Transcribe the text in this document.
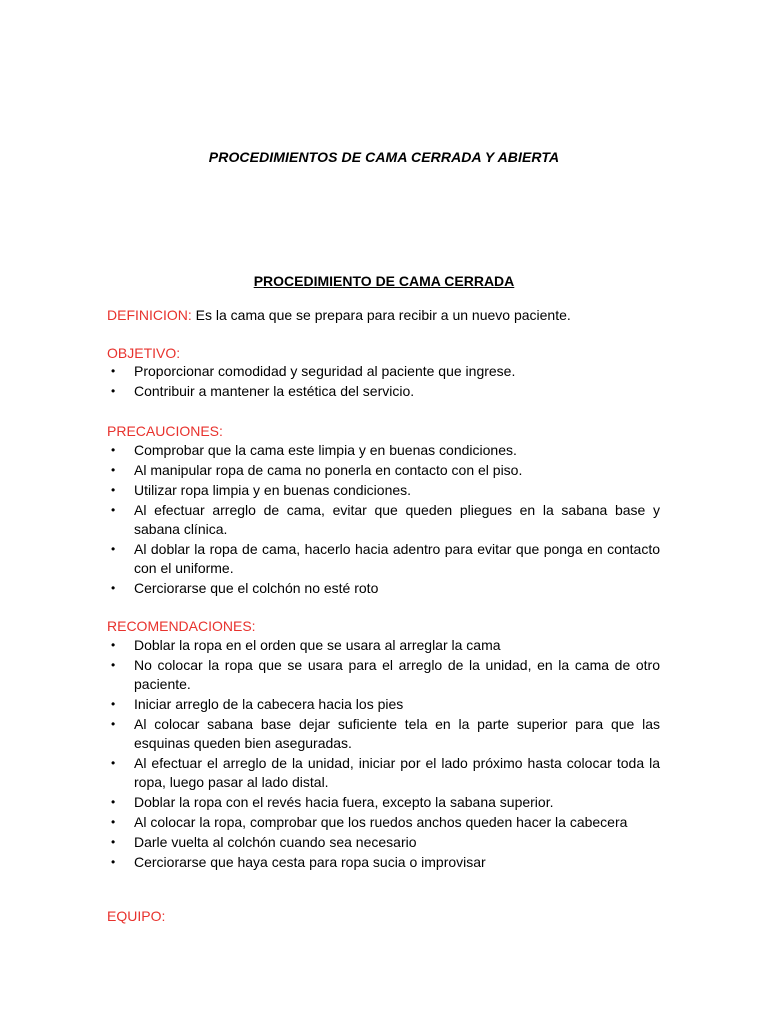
PROCEDIMIENTOS DE CAMA CERRADA Y ABIERTA
PROCEDIMIENTO DE CAMA CERRADA
DEFINICION: Es la cama que se prepara para recibir a un nuevo paciente.
OBJETIVO:
• Proporcionar comodidad y seguridad al paciente que ingrese.
• Contribuir a mantener la estética del servicio.
PRECAUCIONES:
• Comprobar que la cama este limpia y en buenas condiciones.
• Al manipular ropa de cama no ponerla en contacto con el piso.
• Utilizar ropa limpia y en buenas condiciones.
• Al efectuar arreglo de cama, evitar que queden pliegues en la sabana base y sabana clínica.
• Al doblar la ropa de cama, hacerlo hacia adentro para evitar que ponga en contacto con el uniforme.
• Cerciorarse que el colchón no esté roto
RECOMENDACIONES:
• Doblar la ropa en el orden que se usara al arreglar la cama
• No colocar la ropa que se usara para el arreglo de la unidad, en la cama de otro paciente.
• Iniciar arreglo de la cabecera hacia los pies
• Al colocar sabana base dejar suficiente tela en la parte superior para que las esquinas queden bien aseguradas.
• Al efectuar el arreglo de la unidad, iniciar por el lado próximo hasta colocar toda la ropa, luego pasar al lado distal.
• Doblar la ropa con el revés hacia fuera, excepto la sabana superior.
• Al colocar la ropa, comprobar que los ruedos anchos queden hacer la cabecera
• Darle vuelta al colchón cuando sea necesario
• Cerciorarse que haya cesta para ropa sucia o improvisar
EQUIPO:
